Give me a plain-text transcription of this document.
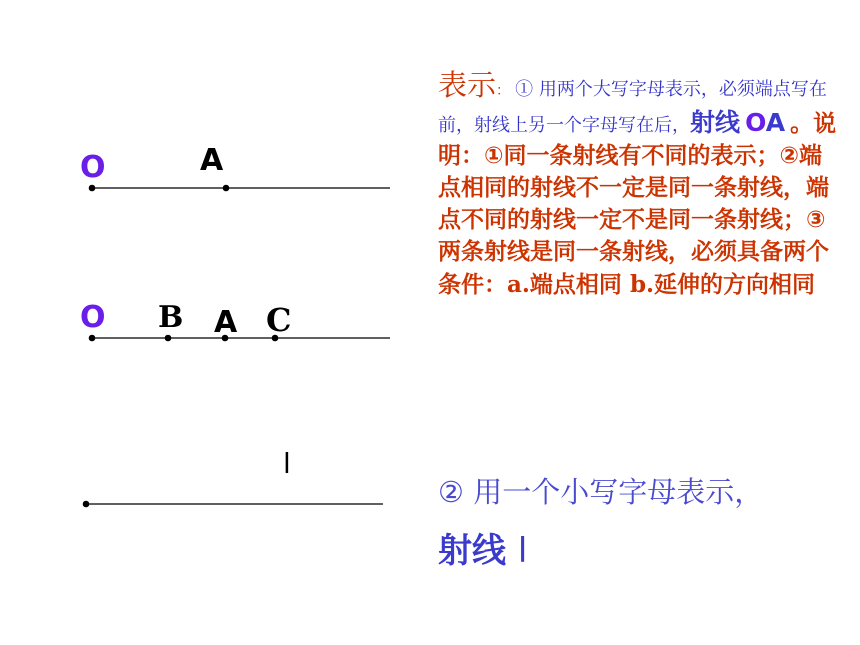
O	A
O B A C
l
表示： ① 用两个大写字母表示，必须端点写在前，射线上另一个字母写在后，射线 OA 。说明：①同一条射线有不同的表示；②端点相同的射线不一定是同一条射线，端点不同的射线一定不是同一条射线；③两条射线是同一条射线，必须具备两个条件：a.端点相同 b.延伸的方向相同
② 用一个小写字母表示，
射线 l
